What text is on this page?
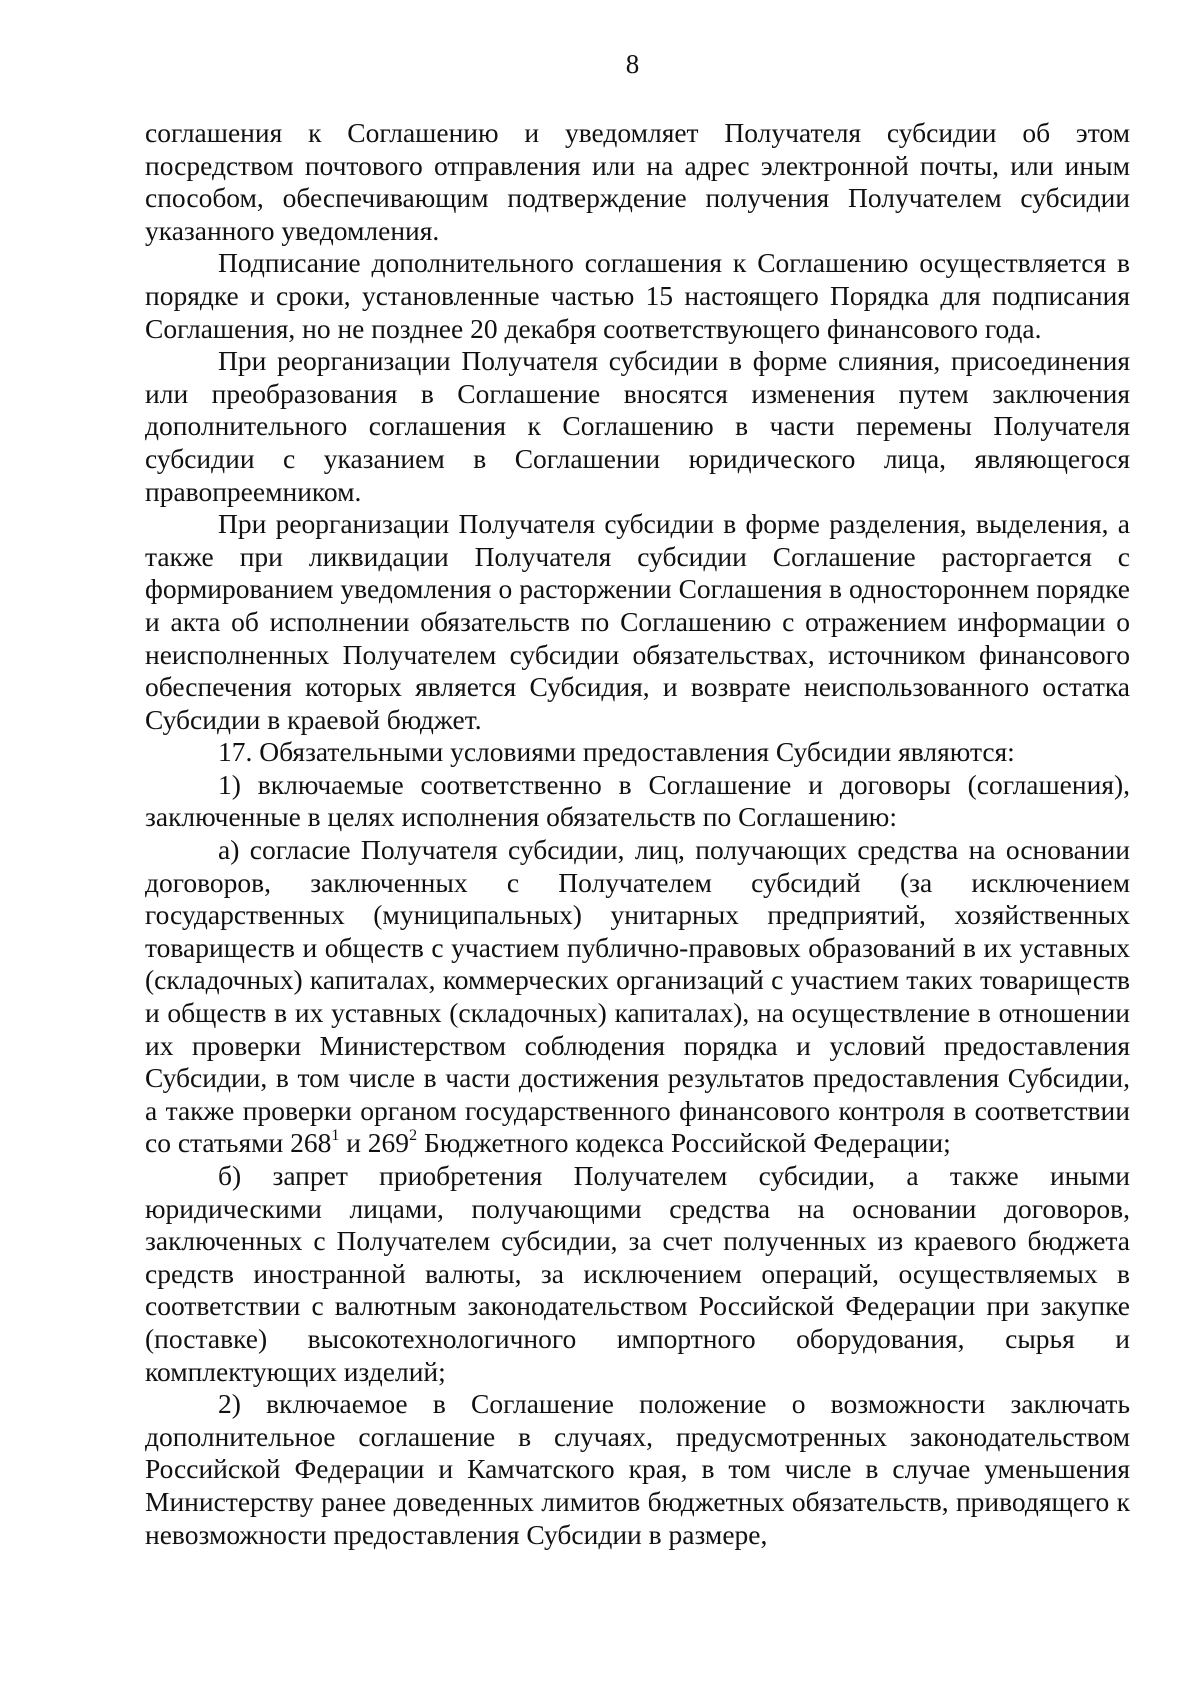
8

соглашения к Соглашению и уведомляет Получателя субсидии об этом посредством почтового отправления или на адрес электронной почты, или иным способом, обеспечивающим подтверждение получения Получателем субсидии указанного уведомления.

Подписание дополнительного соглашения к Соглашению осуществляется в порядке и сроки, установленные частью 15 настоящего Порядка для подписания Соглашения, но не позднее 20 декабря соответствующего финансового года.

При реорганизации Получателя субсидии в форме слияния, присоединения или преобразования в Соглашение вносятся изменения путем заключения дополнительного соглашения к Соглашению в части перемены Получателя субсидии с указанием в Соглашении юридического лица, являющегося правопреемником.

При реорганизации Получателя субсидии в форме разделения, выделения, а также при ликвидации Получателя субсидии Соглашение расторгается с формированием уведомления о расторжении Соглашения в одностороннем порядке и акта об исполнении обязательств по Соглашению с отражением информации о неисполненных Получателем субсидии обязательствах, источником финансового обеспечения которых является Субсидия, и возврате неиспользованного остатка Субсидии в краевой бюджет.

17. Обязательными условиями предоставления Субсидии являются:

1) включаемые соответственно в Соглашение и договоры (соглашения), заключенные в целях исполнения обязательств по Соглашению:

а) согласие Получателя субсидии, лиц, получающих средства на основании договоров, заключенных с Получателем субсидий (за исключением государственных (муниципальных) унитарных предприятий, хозяйственных товариществ и обществ с участием публично-правовых образований в их уставных (складочных) капиталах, коммерческих организаций с участием таких товариществ и обществ в их уставных (складочных) капиталах), на осуществление в отношении их проверки Министерством соблюдения порядка и условий предоставления Субсидии, в том числе в части достижения результатов предоставления Субсидии, а также проверки органом государственного финансового контроля в соответствии со статьями 268$^1$ и 269$^2$ Бюджетного кодекса Российской Федерации;

б) запрет приобретения Получателем субсидии, а также иными юридическими лицами, получающими средства на основании договоров, заключенных с Получателем субсидии, за счет полученных из краевого бюджета средств иностранной валюты, за исключением операций, осуществляемых в соответствии с валютным законодательством Российской Федерации при закупке (поставке) высокотехнологичного импортного оборудования, сырья и комплектующих изделий;

2) включаемое в Соглашение положение о возможности заключать дополнительное соглашение в случаях, предусмотренных законодательством Российской Федерации и Камчатского края, в том числе в случае уменьшения Министерству ранее доведенных лимитов бюджетных обязательств, приводящего к невозможности предоставления Субсидии в размере,
